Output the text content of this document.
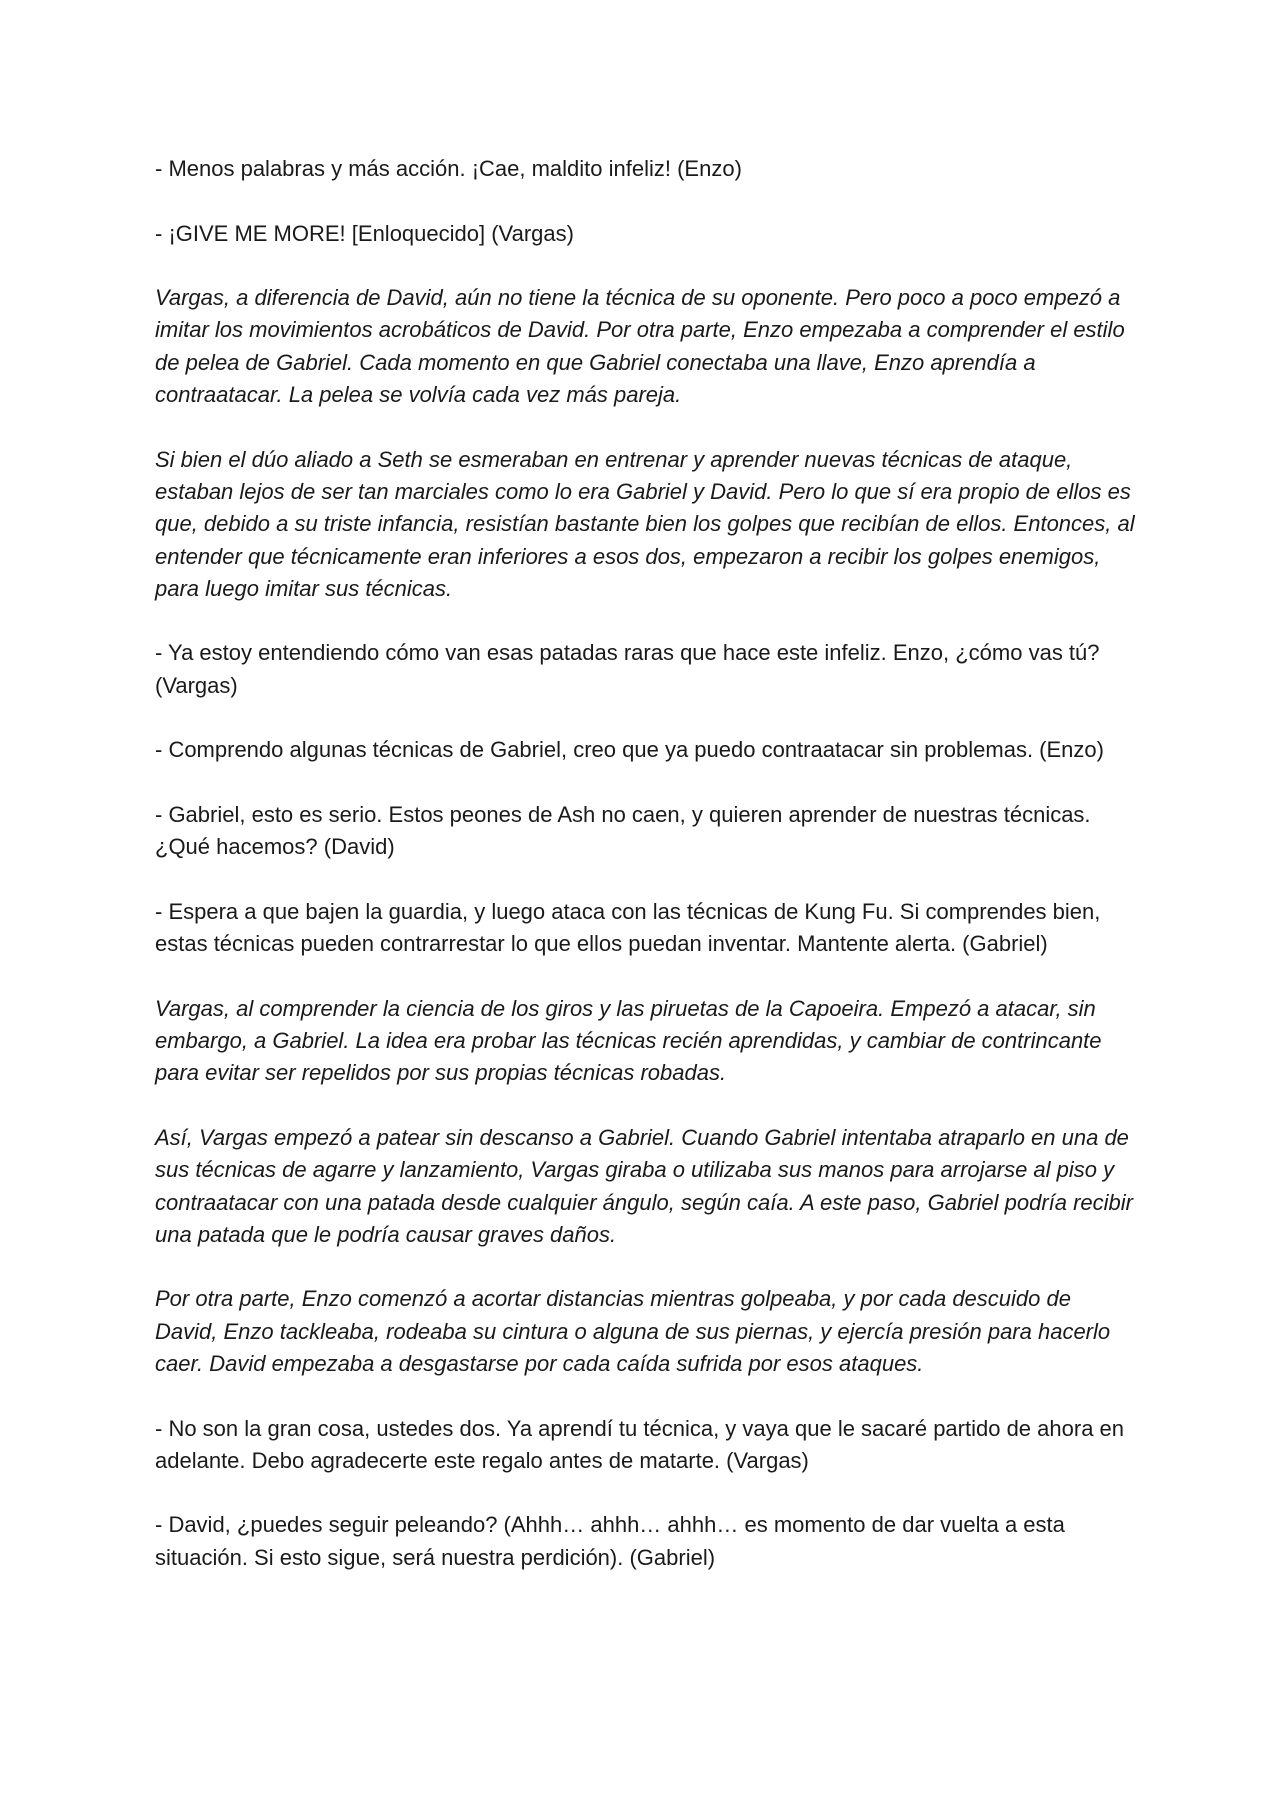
- Menos palabras y más acción. ¡Cae, maldito infeliz! (Enzo)

- ¡GIVE ME MORE! [Enloquecido] (Vargas)

Vargas, a diferencia de David, aún no tiene la técnica de su oponente. Pero poco a poco empezó a imitar los movimientos acrobáticos de David. Por otra parte, Enzo empezaba a comprender el estilo de pelea de Gabriel. Cada momento en que Gabriel conectaba una llave, Enzo aprendía a contraatacar. La pelea se volvía cada vez más pareja.

Si bien el dúo aliado a Seth se esmeraban en entrenar y aprender nuevas técnicas de ataque, estaban lejos de ser tan marciales como lo era Gabriel y David. Pero lo que sí era propio de ellos es que, debido a su triste infancia, resistían bastante bien los golpes que recibían de ellos. Entonces, al entender que técnicamente eran inferiores a esos dos, empezaron a recibir los golpes enemigos, para luego imitar sus técnicas.

- Ya estoy entendiendo cómo van esas patadas raras que hace este infeliz. Enzo, ¿cómo vas tú? (Vargas)

- Comprendo algunas técnicas de Gabriel, creo que ya puedo contraatacar sin problemas. (Enzo)

- Gabriel, esto es serio. Estos peones de Ash no caen, y quieren aprender de nuestras técnicas. ¿Qué hacemos? (David)

- Espera a que bajen la guardia, y luego ataca con las técnicas de Kung Fu. Si comprendes bien, estas técnicas pueden contrarrestar lo que ellos puedan inventar. Mantente alerta. (Gabriel)

Vargas, al comprender la ciencia de los giros y las piruetas de la Capoeira. Empezó a atacar, sin embargo, a Gabriel. La idea era probar las técnicas recién aprendidas, y cambiar de contrincante para evitar ser repelidos por sus propias técnicas robadas.

Así, Vargas empezó a patear sin descanso a Gabriel. Cuando Gabriel intentaba atraparlo en una de sus técnicas de agarre y lanzamiento, Vargas giraba o utilizaba sus manos para arrojarse al piso y contraatacar con una patada desde cualquier ángulo, según caía. A este paso, Gabriel podría recibir una patada que le podría causar graves daños.

Por otra parte, Enzo comenzó a acortar distancias mientras golpeaba, y por cada descuido de David, Enzo tackleaba, rodeaba su cintura o alguna de sus piernas, y ejercía presión para hacerlo caer. David empezaba a desgastarse por cada caída sufrida por esos ataques.

- No son la gran cosa, ustedes dos. Ya aprendí tu técnica, y vaya que le sacaré partido de ahora en adelante. Debo agradecerte este regalo antes de matarte. (Vargas)

- David, ¿puedes seguir peleando? (Ahhh… ahhh… ahhh… es momento de dar vuelta a esta situación. Si esto sigue, será nuestra perdición). (Gabriel)
